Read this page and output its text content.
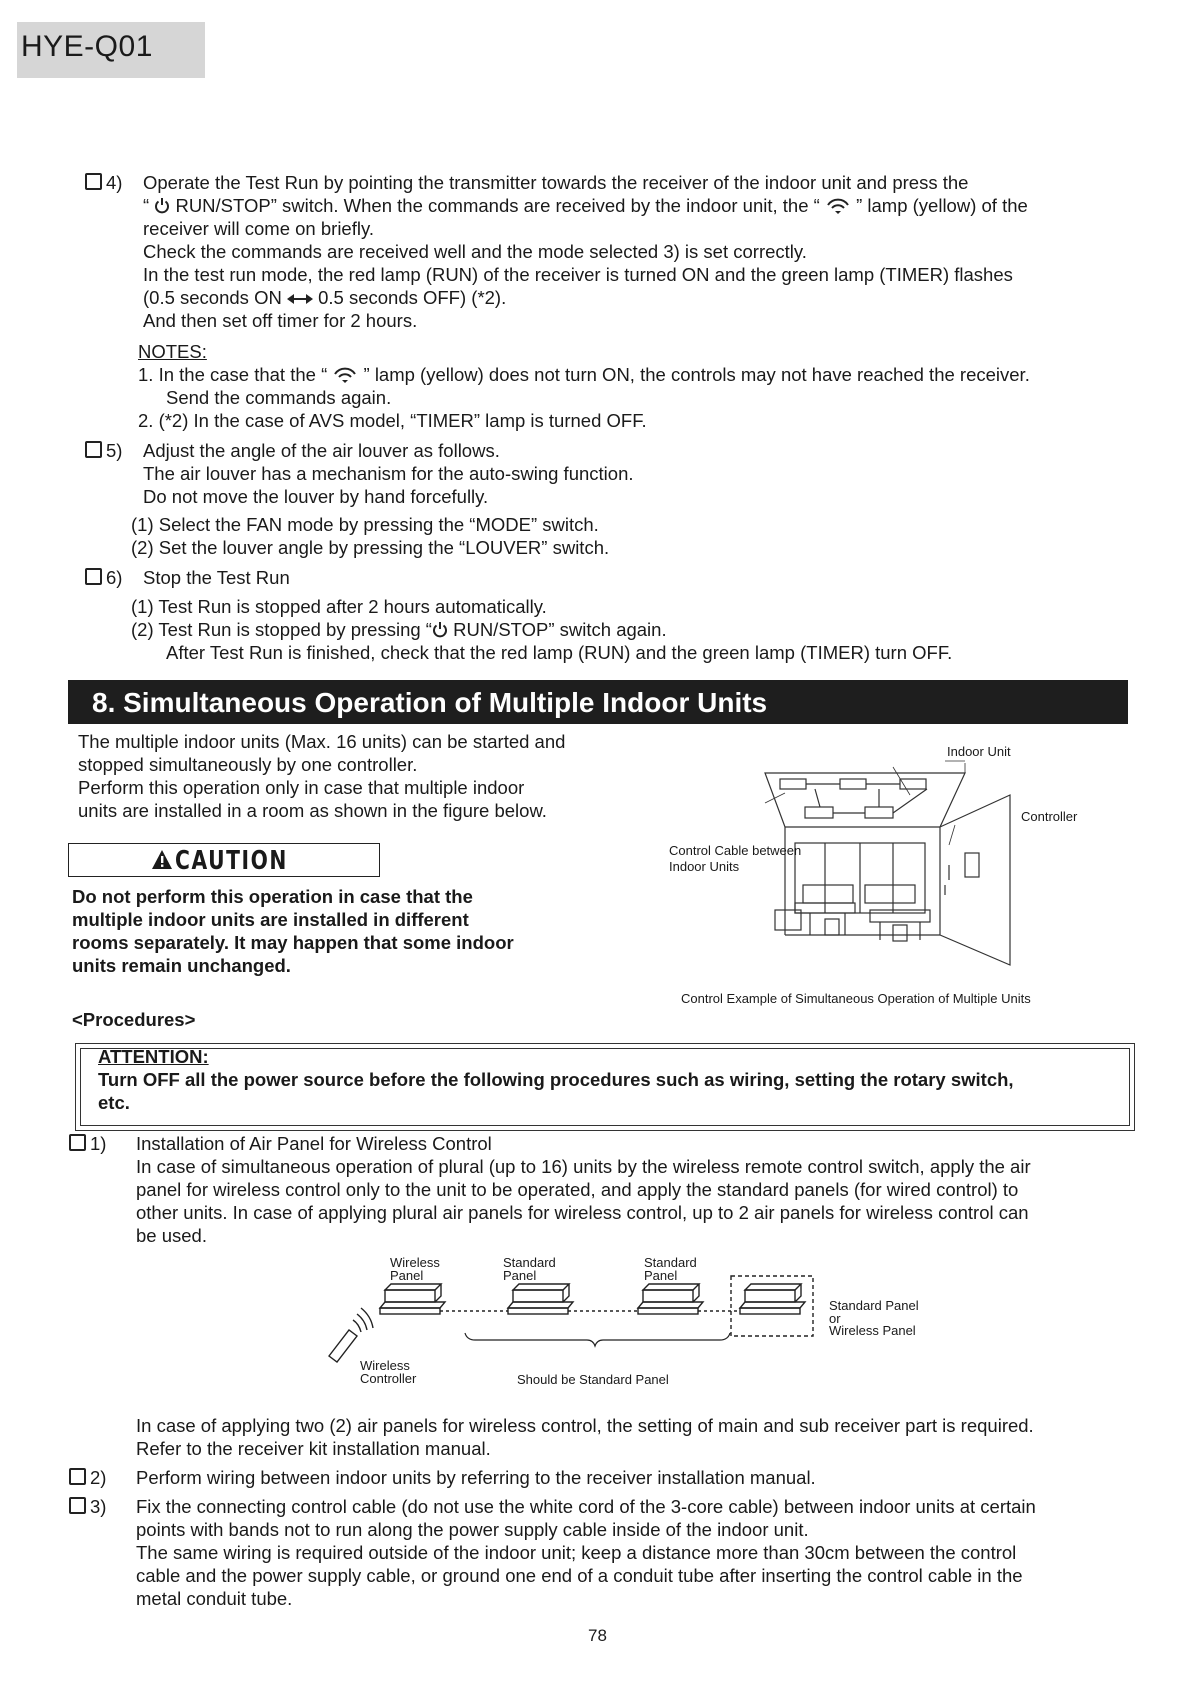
HYE-Q01
4) Operate the Test Run by pointing the transmitter towards the receiver of the indoor unit and press the
“  RUN/STOP” switch. When the commands are received by the indoor unit, the “  ” lamp (yellow) of the
receiver will come on briefly.
Check the commands are received well and the mode selected 3) is set correctly.
In the test run mode, the red lamp (RUN) of the receiver is turned ON and the green lamp (TIMER) flashes
(0.5 seconds ON  0.5 seconds OFF) (*2).
And then set off timer for 2 hours.
NOTES:
1. In the case that the “  ” lamp (yellow) does not turn ON, the controls may not have reached the receiver.
Send the commands again.
2. (*2) In the case of AVS model, “TIMER” lamp is turned OFF.
5) Adjust the angle of the air louver as follows.
The air louver has a mechanism for the auto-swing function.
Do not move the louver by hand forcefully.
(1) Select the FAN mode by pressing the “MODE” switch.
(2) Set the louver angle by pressing the “LOUVER” switch.
6) Stop the Test Run
(1) Test Run is stopped after 2 hours automatically.
(2) Test Run is stopped by pressing “ RUN/STOP” switch again.
After Test Run is finished, check that the red lamp (RUN) and the green lamp (TIMER) turn OFF.
8. Simultaneous Operation of Multiple Indoor Units
The multiple indoor units (Max. 16 units) can be started and
stopped simultaneously by one controller.
Perform this operation only in case that multiple indoor
units are installed in a room as shown in the figure below.
CAUTION
Do not perform this operation in case that the
multiple indoor units are installed in different
rooms separately. It may happen that some indoor
units remain unchanged.
Indoor Unit
Controller
Control Cable between
Indoor Units
Control Example of Simultaneous Operation of Multiple Units
<Procedures>
ATTENTION:
Turn OFF all the power source before the following procedures such as wiring, setting the rotary switch,
etc.
1) Installation of Air Panel for Wireless Control
In case of simultaneous operation of plural (up to 16) units by the wireless remote control switch, apply the air
panel for wireless control only to the unit to be operated, and apply the standard panels (for wired control) to
other units. In case of applying plural air panels for wireless control, up to 2 air panels for wireless control can
be used.
Wireless
Panel
Standard
Panel
Standard
Panel
Standard Panel
or
Wireless Panel
Wireless
Controller	Should be Standard Panel
In case of applying two (2) air panels for wireless control, the setting of main and sub receiver part is required.
Refer to the receiver kit installation manual.
2) Perform wiring between indoor units by referring to the receiver installation manual.
3) Fix the connecting control cable (do not use the white cord of the 3-core cable) between indoor units at certain
points with bands not to run along the power supply cable inside of the indoor unit.
The same wiring is required outside of the indoor unit; keep a distance more than 30cm between the control
cable and the power supply cable, or ground one end of a conduit tube after inserting the control cable in the
metal conduit tube.
78
